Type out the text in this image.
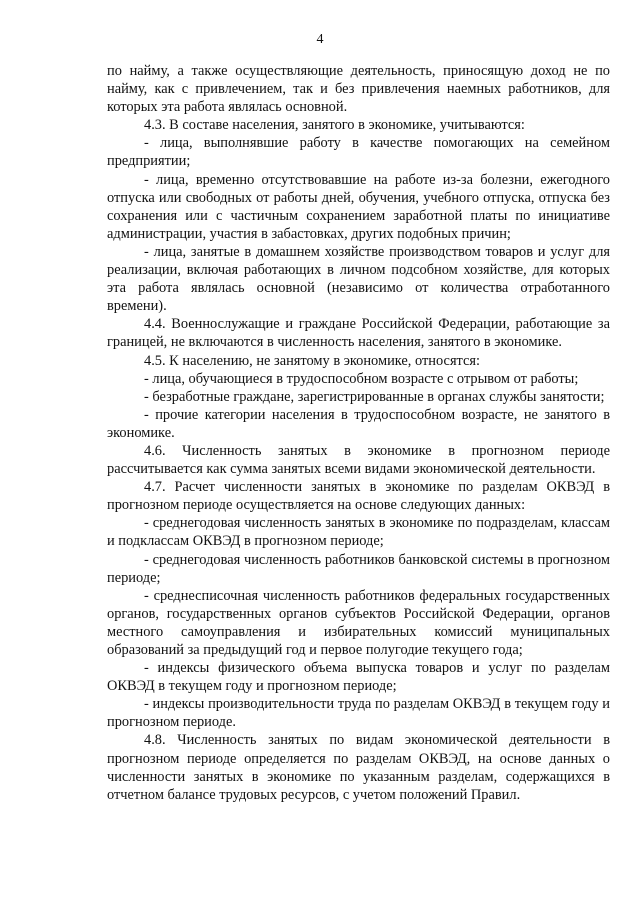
4

по найму, а также осуществляющие деятельность, приносящую доход не по найму, как с привлечением, так и без привлечения наемных работников, для которых эта работа являлась основной.

4.3. В составе населения, занятого в экономике, учитываются:

- лица, выполнявшие работу в качестве помогающих на семейном предприятии;

- лица, временно отсутствовавшие на работе из-за болезни, ежегодного отпуска или свободных от работы дней, обучения, учебного отпуска, отпуска без сохранения или с частичным сохранением заработной платы по инициативе администрации, участия в забастовках, других подобных причин;

- лица, занятые в домашнем хозяйстве производством товаров и услуг для реализации, включая работающих в личном подсобном хозяйстве, для которых эта работа являлась основной (независимо от количества отработанного времени).

4.4. Военнослужащие и граждане Российской Федерации, работающие за границей, не включаются в численность населения, занятого в экономике.

4.5. К населению, не занятому в экономике, относятся:

- лица, обучающиеся в трудоспособном возрасте с отрывом от работы;

- безработные граждане, зарегистрированные в органах службы занятости;

- прочие категории населения в трудоспособном возрасте, не занятого в экономике.

4.6. Численность занятых в экономике в прогнозном периоде рассчитывается как сумма занятых всеми видами экономической деятельности.

4.7. Расчет численности занятых в экономике по разделам ОКВЭД в прогнозном периоде осуществляется на основе следующих данных:

- среднегодовая численность занятых в экономике по подразделам, классам и подклассам ОКВЭД в прогнозном периоде;

- среднегодовая численность работников банковской системы в прогнозном периоде;

- среднесписочная численность работников федеральных государственных органов, государственных органов субъектов Российской Федерации, органов местного самоуправления и избирательных комиссий муниципальных образований за предыдущий год и первое полугодие текущего года;

- индексы физического объема выпуска товаров и услуг по разделам ОКВЭД в текущем году и прогнозном периоде;

- индексы производительности труда по разделам ОКВЭД в текущем году и прогнозном периоде.

4.8. Численность занятых по видам экономической деятельности в прогнозном периоде определяется по разделам ОКВЭД, на основе данных о численности занятых в экономике по указанным разделам, содержащихся в отчетном балансе трудовых ресурсов, с учетом положений Правил.
